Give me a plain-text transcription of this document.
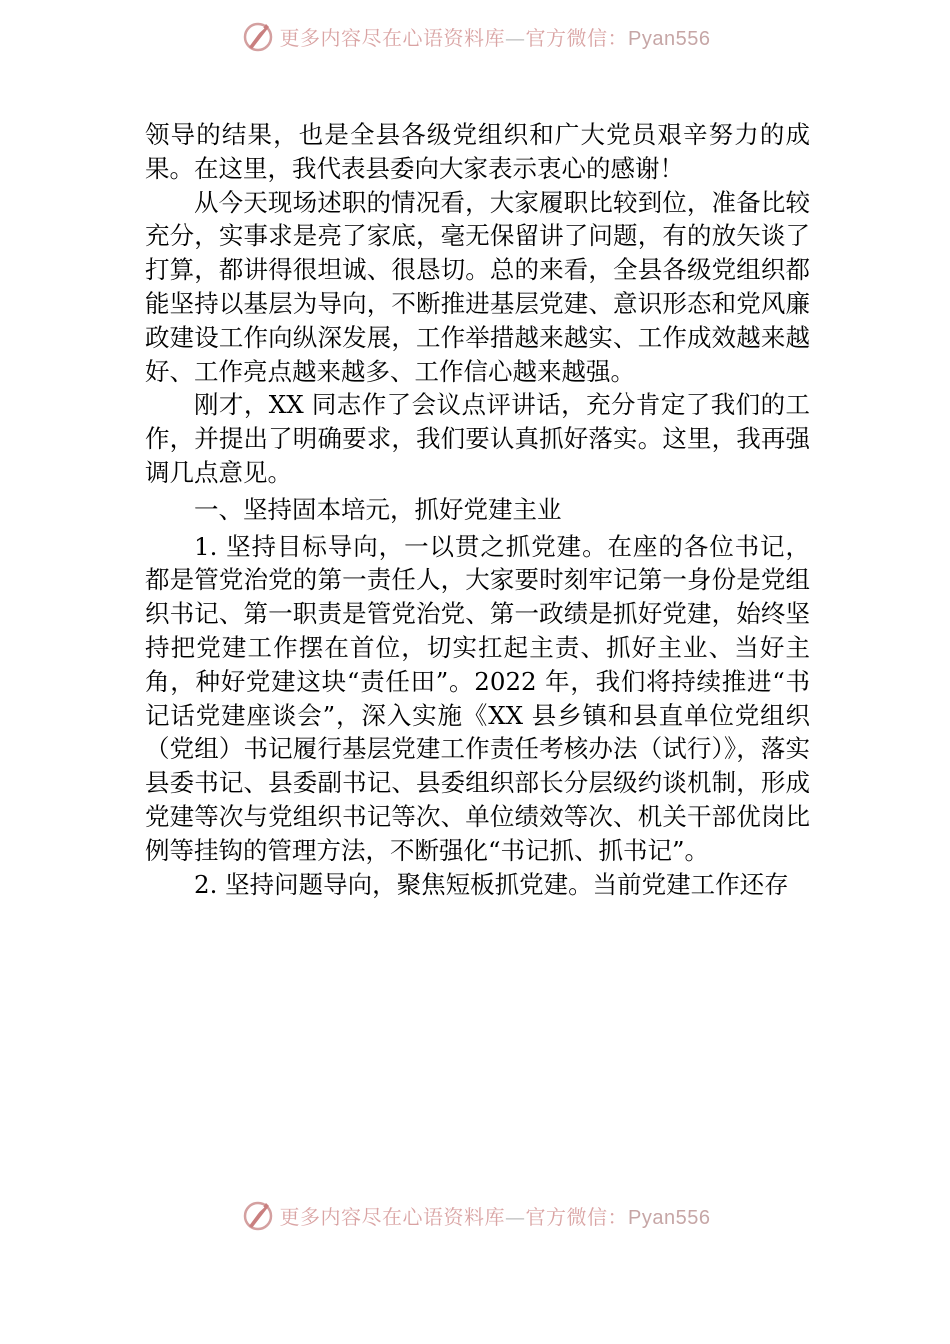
更多内容尽在心语资料库—官方微信：Pyan556

领导的结果，也是全县各级党组织和广大党员艰辛努力的成果。在这里，我代表县委向大家表示衷心的感谢！

从今天现场述职的情况看，大家履职比较到位，准备比较充分，实事求是亮了家底，毫无保留讲了问题，有的放矢谈了打算，都讲得很坦诚、很恳切。总的来看，全县各级党组织都能坚持以基层为导向，不断推进基层党建、意识形态和党风廉政建设工作向纵深发展，工作举措越来越实、工作成效越来越好、工作亮点越来越多、工作信心越来越强。

刚才，XX 同志作了会议点评讲话，充分肯定了我们的工作，并提出了明确要求，我们要认真抓好落实。这里，我再强调几点意见。

一、坚持固本培元，抓好党建主业

1. 坚持目标导向，一以贯之抓党建。在座的各位书记，都是管党治党的第一责任人，大家要时刻牢记第一身份是党组织书记、第一职责是管党治党、第一政绩是抓好党建，始终坚持把党建工作摆在首位，切实扛起主责、抓好主业、当好主角，种好党建这块“责任田”。2022 年，我们将持续推进“书记话党建座谈会”，深入实施《XX 县乡镇和县直单位党组织（党组）书记履行基层党建工作责任考核办法（试行）》，落实县委书记、县委副书记、县委组织部长分层级约谈机制，形成党建等次与党组织书记等次、单位绩效等次、机关干部优岗比例等挂钩的管理方法，不断强化“书记抓、抓书记”。

2. 坚持问题导向，聚焦短板抓党建。当前党建工作还存

更多内容尽在心语资料库—官方微信：Pyan556
